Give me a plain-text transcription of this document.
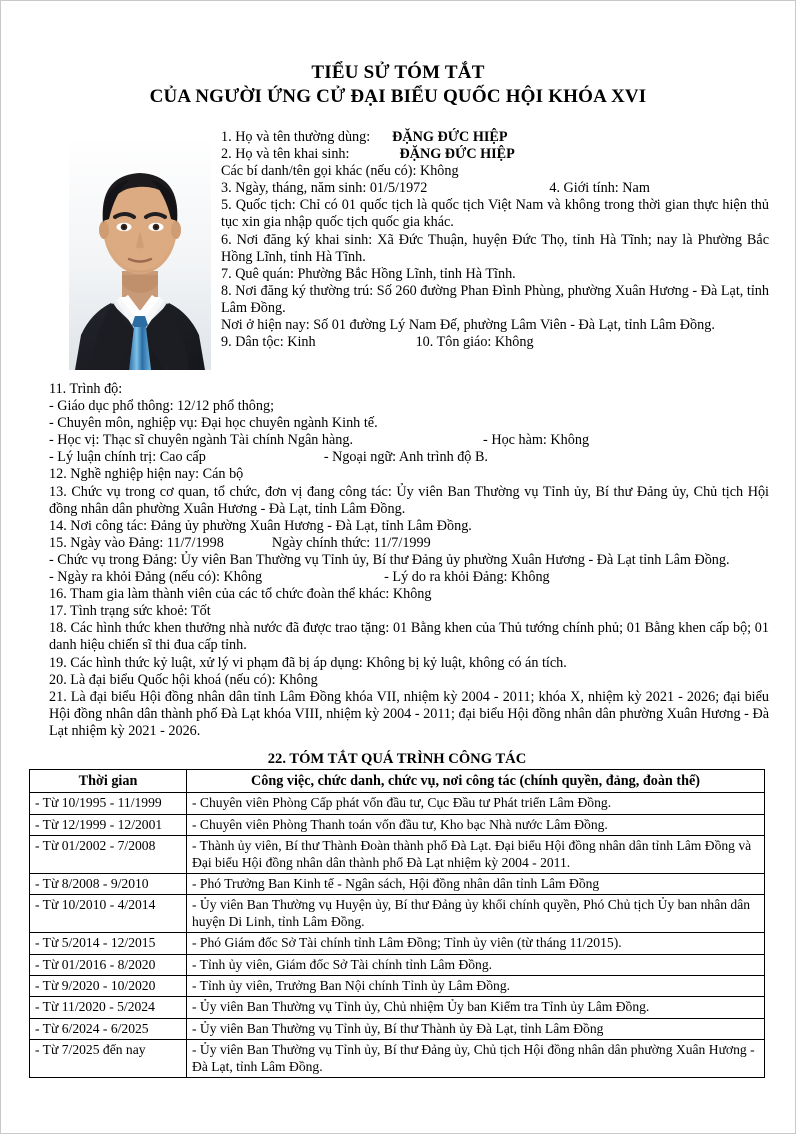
TIỂU SỬ TÓM TẮT
CỦA NGƯỜI ỨNG CỬ ĐẠI BIỂU QUỐC HỘI KHÓA XVI
1. Họ và tên thường dùng: ĐẶNG ĐỨC HIỆP
2. Họ và tên khai sinh:	ĐẶNG ĐỨC HIỆP
Các bí danh/tên gọi khác (nếu có): Không
3. Ngày, tháng, năm sinh: 01/5/1972	4. Giới tính: Nam
5. Quốc tịch: Chỉ có 01 quốc tịch là quốc tịch Việt Nam và không trong thời gian thực hiện thủ tục xin gia nhập quốc tịch quốc gia khác.
6. Nơi đăng ký khai sinh: Xã Đức Thuận, huyện Đức Thọ, tỉnh Hà Tĩnh; nay là Phường Bắc Hồng Lĩnh, tỉnh Hà Tĩnh.
7. Quê quán: Phường Bắc Hồng Lĩnh, tỉnh Hà Tĩnh.
8. Nơi đăng ký thường trú: Số 260 đường Phan Đình Phùng, phường Xuân Hương - Đà Lạt, tỉnh Lâm Đồng.
Nơi ở hiện nay: Số 01 đường Lý Nam Đế, phường Lâm Viên - Đà Lạt, tỉnh Lâm Đồng.
9. Dân tộc: Kinh	10. Tôn giáo: Không
11. Trình độ:
- Giáo dục phổ thông: 12/12 phổ thông;
- Chuyên môn, nghiệp vụ: Đại học chuyên ngành Kinh tế.
- Học vị: Thạc sĩ chuyên ngành Tài chính Ngân hàng.	- Học hàm: Không
- Lý luận chính trị: Cao cấp	- Ngoại ngữ: Anh trình độ B.
12. Nghề nghiệp hiện nay: Cán bộ
13. Chức vụ trong cơ quan, tổ chức, đơn vị đang công tác: Ủy viên Ban Thường vụ Tỉnh ủy, Bí thư Đảng ủy, Chủ tịch Hội đồng nhân dân phường Xuân Hương - Đà Lạt, tỉnh Lâm Đồng.
14. Nơi công tác: Đảng ủy phường Xuân Hương - Đà Lạt, tỉnh Lâm Đồng.
15. Ngày vào Đảng: 11/7/1998	Ngày chính thức: 11/7/1999
- Chức vụ trong Đảng: Ủy viên Ban Thường vụ Tỉnh ủy, Bí thư Đảng ủy phường Xuân Hương - Đà Lạt tỉnh Lâm Đồng.
- Ngày ra khỏi Đảng (nếu có): Không	- Lý do ra khỏi Đảng: Không
16. Tham gia làm thành viên của các tổ chức đoàn thể khác: Không
17. Tình trạng sức khoẻ: Tốt
18. Các hình thức khen thưởng nhà nước đã được trao tặng: 01 Bằng khen của Thủ tướng chính phủ; 01 Bằng khen cấp bộ; 01 danh hiệu chiến sĩ thi đua cấp tỉnh.
19. Các hình thức kỷ luật, xử lý vi phạm đã bị áp dụng: Không bị kỷ luật, không có án tích.
20. Là đại biểu Quốc hội khoá (nếu có): Không
21. Là đại biểu Hội đồng nhân dân tỉnh Lâm Đồng khóa VII, nhiệm kỳ 2004 - 2011; khóa X, nhiệm kỳ 2021 - 2026; đại biểu Hội đồng nhân dân thành phố Đà Lạt khóa VIII, nhiệm kỳ 2004 - 2011; đại biểu Hội đồng nhân dân phường Xuân Hương - Đà Lạt nhiệm kỳ 2021 - 2026.
22. TÓM TẮT QUÁ TRÌNH CÔNG TÁC
Thời gian	Công việc, chức danh, chức vụ, nơi công tác (chính quyền, đảng, đoàn thể)
- Từ 10/1995 - 11/1999	- Chuyên viên Phòng Cấp phát vốn đầu tư, Cục Đầu tư Phát triển Lâm Đồng.
- Từ 12/1999 - 12/2001	- Chuyên viên Phòng Thanh toán vốn đầu tư, Kho bạc Nhà nước Lâm Đồng.
- Từ 01/2002 - 7/2008	- Thành ủy viên, Bí thư Thành Đoàn thành phố Đà Lạt. Đại biểu Hội đồng nhân dân tỉnh Lâm Đồng và Đại biểu Hội đồng nhân dân thành phố Đà Lạt nhiệm kỳ 2004 - 2011.
- Từ 8/2008 - 9/2010	- Phó Trưởng Ban Kinh tế - Ngân sách, Hội đồng nhân dân tỉnh Lâm Đồng
- Từ 10/2010 - 4/2014	- Ủy viên Ban Thường vụ Huyện ủy, Bí thư Đảng ủy khối chính quyền, Phó Chủ tịch Ủy ban nhân dân huyện Di Linh, tỉnh Lâm Đồng.
- Từ 5/2014 - 12/2015	- Phó Giám đốc Sở Tài chính tỉnh Lâm Đồng; Tỉnh ủy viên (từ tháng 11/2015).
- Từ 01/2016 - 8/2020	- Tỉnh ủy viên, Giám đốc Sở Tài chính tỉnh Lâm Đồng.
- Từ 9/2020 - 10/2020	- Tỉnh ủy viên, Trưởng Ban Nội chính Tỉnh ủy Lâm Đồng.
- Từ 11/2020 - 5/2024	- Ủy viên Ban Thường vụ Tỉnh ủy, Chủ nhiệm Ủy ban Kiểm tra Tỉnh ủy Lâm Đồng.
- Từ 6/2024 - 6/2025	- Ủy viên Ban Thường vụ Tỉnh ủy, Bí thư Thành ủy Đà Lạt, tỉnh Lâm Đồng
- Từ 7/2025 đến nay	- Ủy viên Ban Thường vụ Tỉnh ủy, Bí thư Đảng ủy, Chủ tịch Hội đồng nhân dân phường Xuân Hương - Đà Lạt, tỉnh Lâm Đồng.
